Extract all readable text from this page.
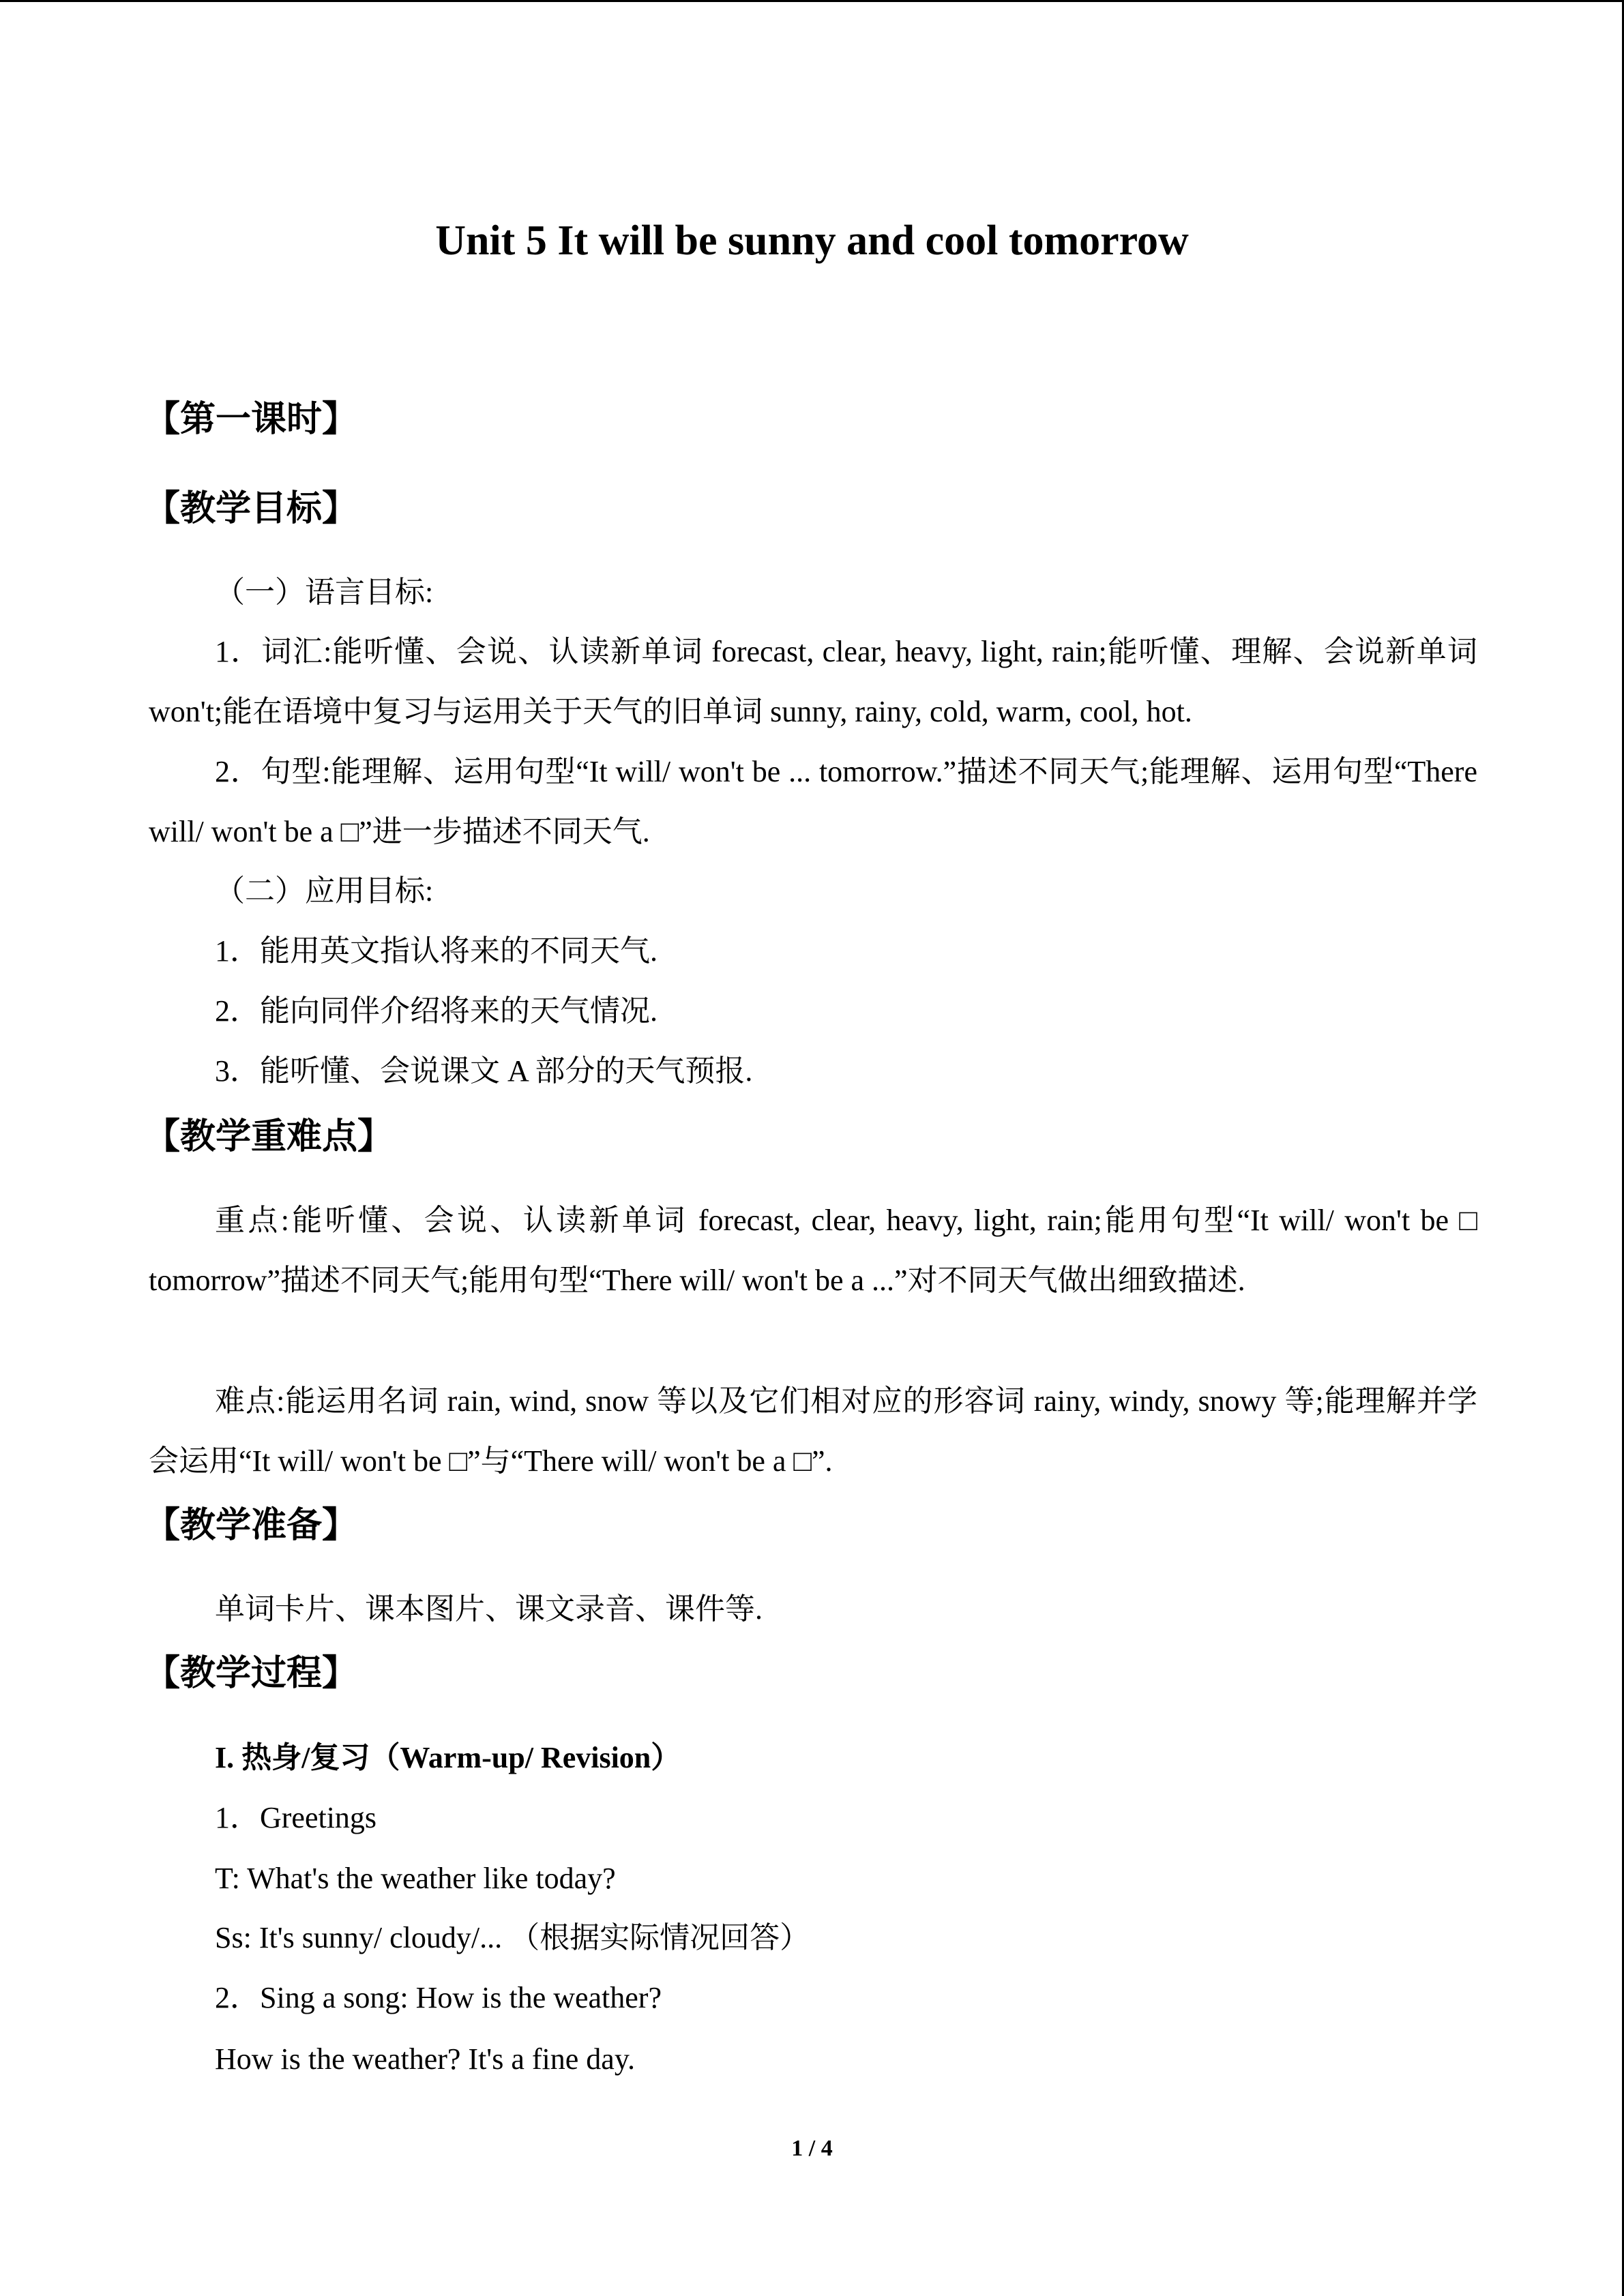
Unit 5 It will be sunny and cool tomorrow
【第一课时】
【教学目标】
（一）语言目标:
1．词汇:能听懂、会说、认读新单词 forecast, clear, heavy, light, rain;能听懂、理解、会说新单词 won't;能在语境中复习与运用关于天气的旧单词 sunny, rainy, cold, warm, cool, hot.
2．句型:能理解、运用句型“It will/ won't be ... tomorrow.”描述不同天气;能理解、运用句型“There will/ won't be a □”进一步描述不同天气.
（二）应用目标:
1．能用英文指认将来的不同天气.
2．能向同伴介绍将来的天气情况.
3．能听懂、会说课文 A 部分的天气预报.
【教学重难点】
重点:能听懂、会说、认读新单词 forecast, clear, heavy, light, rain;能用句型“It will/ won't be □ tomorrow”描述不同天气;能用句型“There will/ won't be a ...”对不同天气做出细致描述.
难点:能运用名词 rain, wind, snow 等以及它们相对应的形容词 rainy, windy, snowy 等;能理解并学会运用“It will/ won't be □”与“There will/ won't be a □”.
【教学准备】
单词卡片、课本图片、课文录音、课件等.
【教学过程】
I. 热身/复习（Warm-up/ Revision）
1．Greetings
T: What's the weather like today?
Ss: It's sunny/ cloudy/... （根据实际情况回答）
2．Sing a song: How is the weather?
How is the weather? It's a fine day.
1 / 4
